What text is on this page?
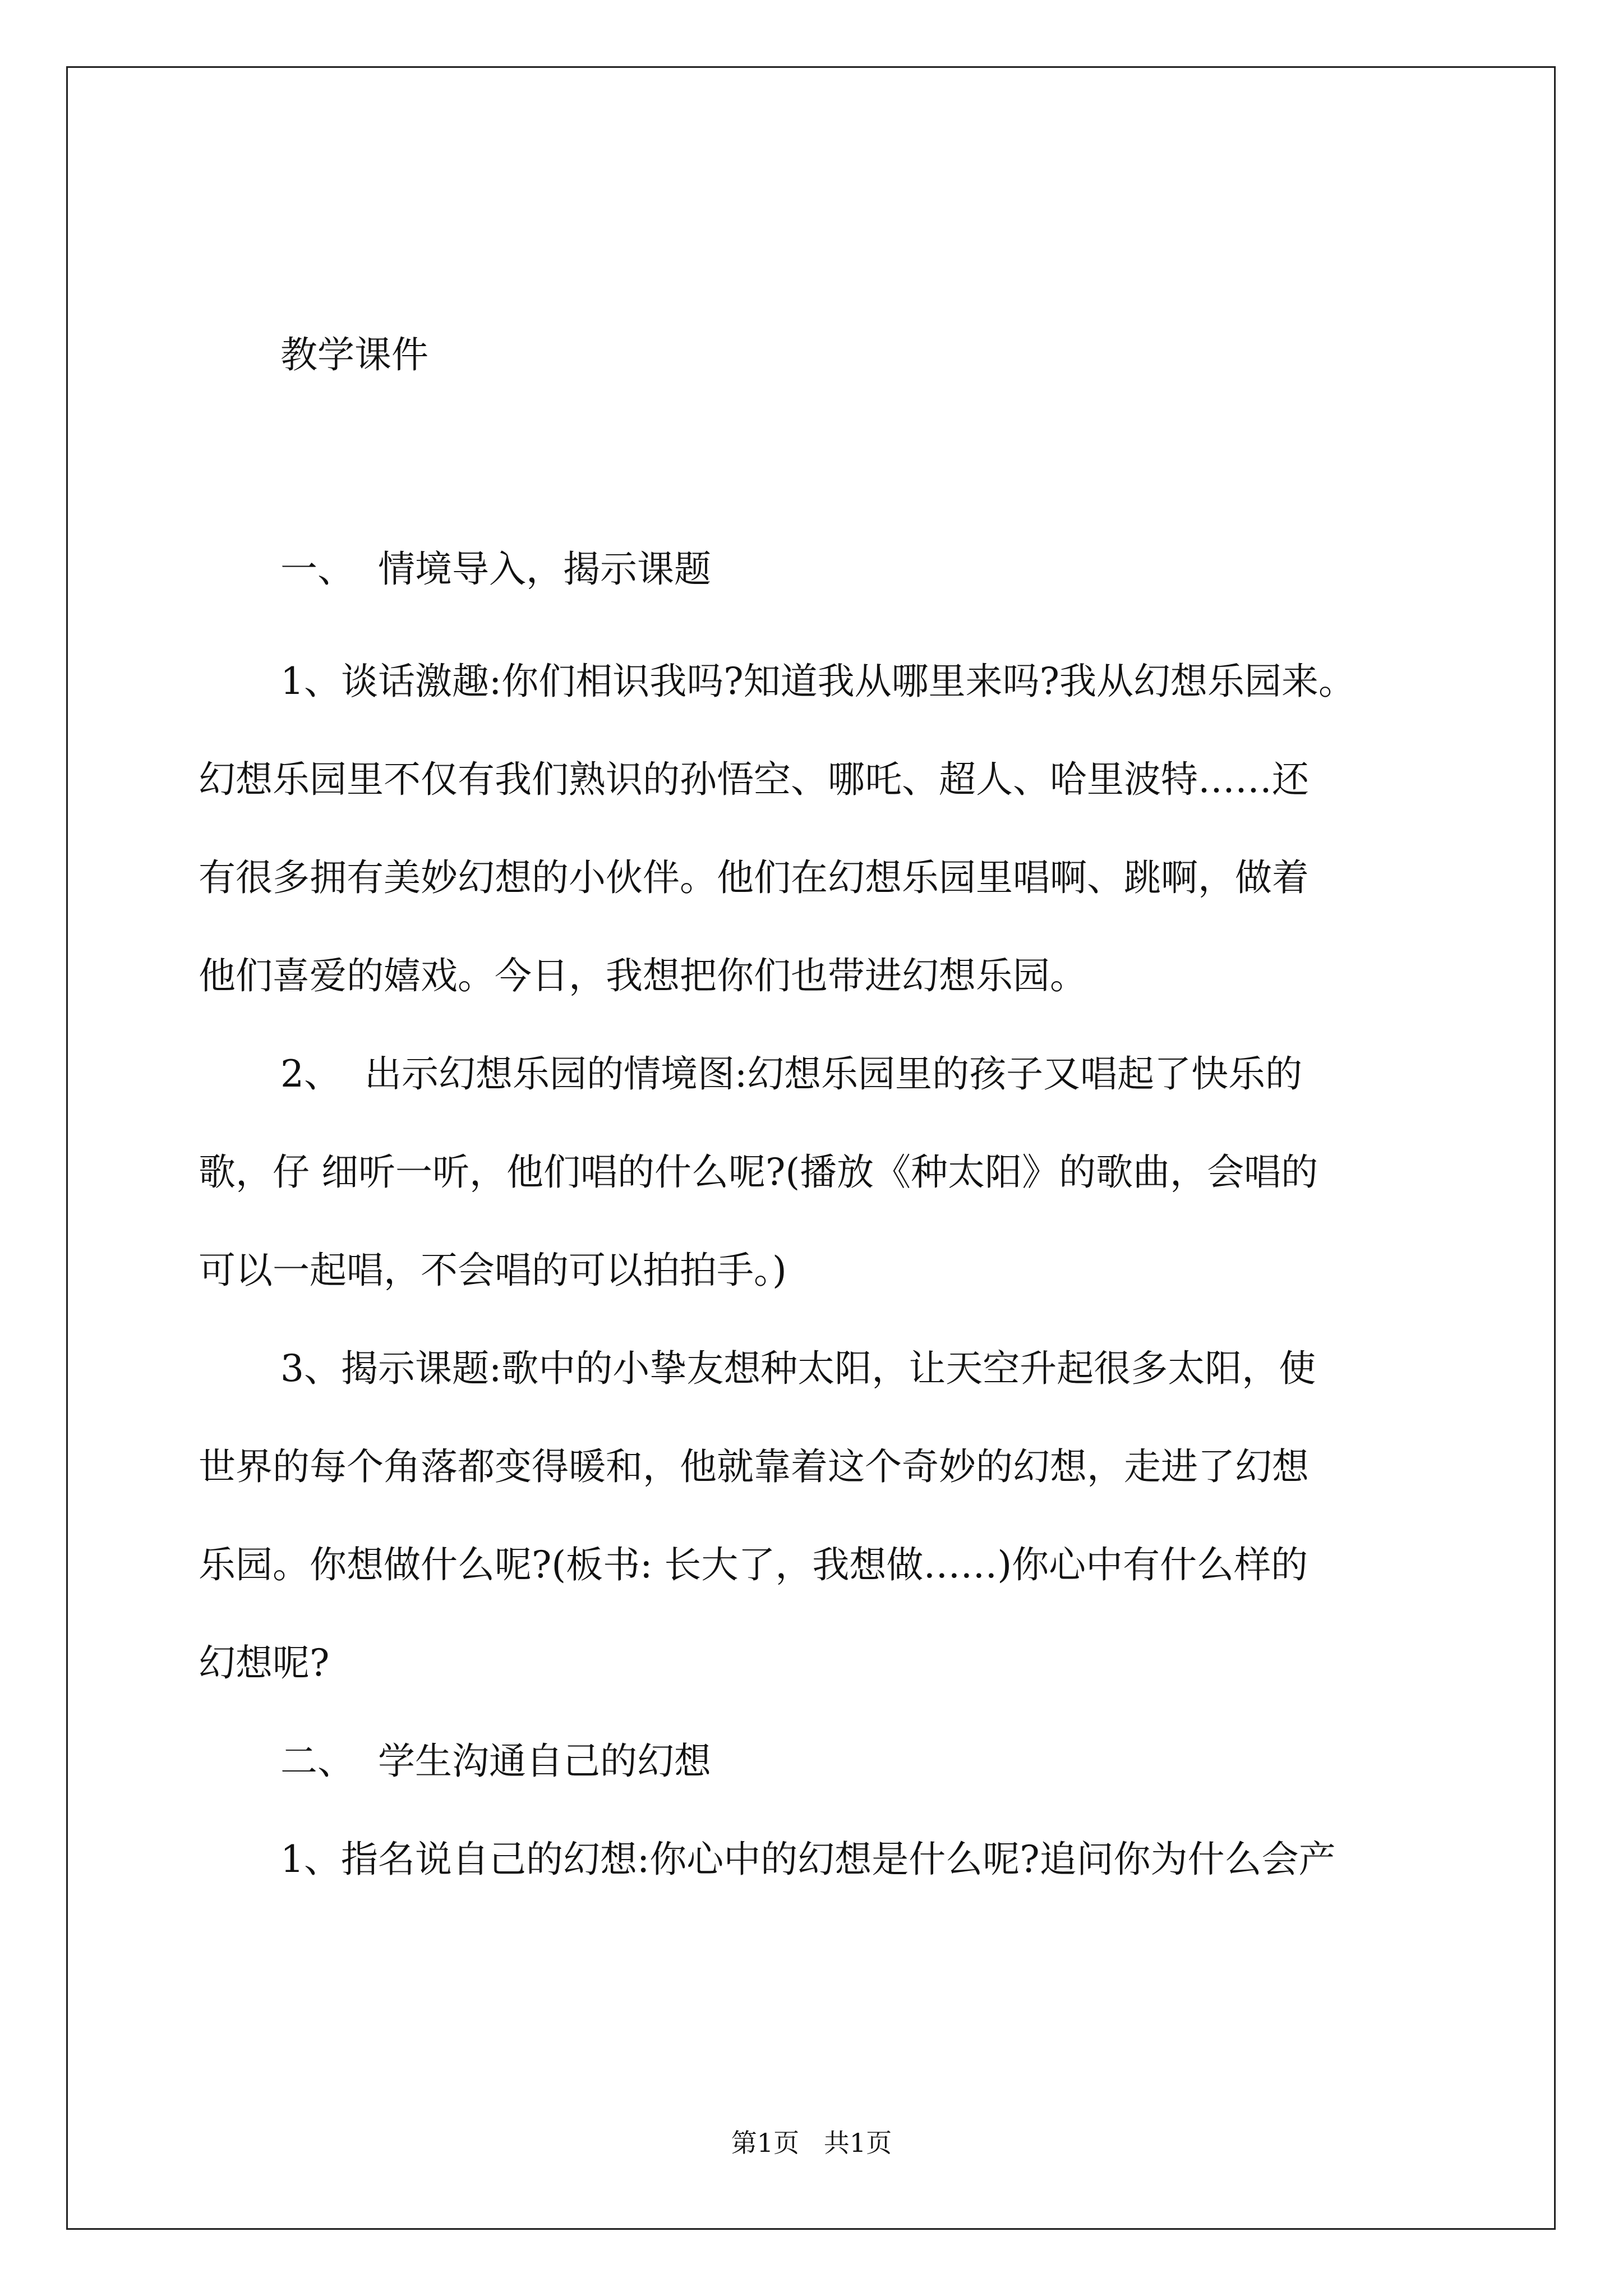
教学课件

一、  情境导入，揭示课题

1、谈话激趣:你们相识我吗?知道我从哪里来吗?我从幻想乐园来。

幻想乐园里不仅有我们熟识的孙悟空、哪吒、超人、哈里波特……还

有很多拥有美妙幻想的小伙伴。他们在幻想乐园里唱啊、跳啊，做着

他们喜爱的嬉戏。今日，我想把你们也带进幻想乐园。

2、  出示幻想乐园的情境图:幻想乐园里的孩子又唱起了快乐的

歌，仔 细听一听，他们唱的什么呢?(播放《种太阳》的歌曲，会唱的

可以一起唱，不会唱的可以拍拍手。)

3、揭示课题:歌中的小挚友想种太阳，让天空升起很多太阳，使

世界的每个角落都变得暖和，他就靠着这个奇妙的幻想，走进了幻想

乐园。你想做什么呢?(板书: 长大了，我想做……)你心中有什么样的

幻想呢?

二、  学生沟通自己的幻想

1、指名说自己的幻想:你心中的幻想是什么呢?追问你为什么会产

第1页   共1页
